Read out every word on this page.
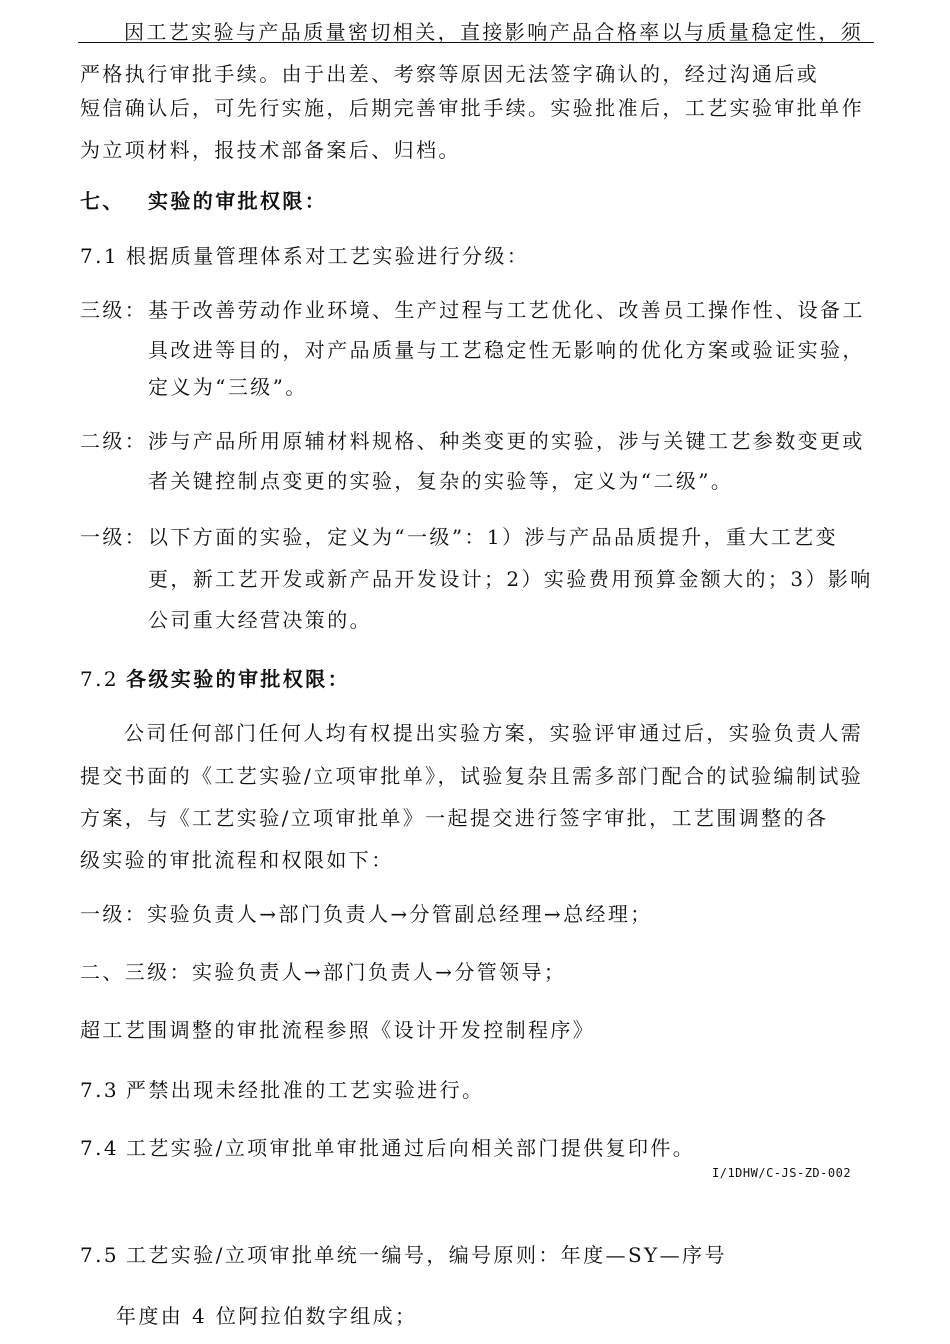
因工艺实验与产品质量密切相关，直接影响产品合格率以与质量稳定性，须
严格执行审批手续。由于出差、考察等原因无法签字确认的，经过沟通后或
短信确认后，可先行实施，后期完善审批手续。实验批准后，工艺实验审批单作
为立项材料，报技术部备案后、归档。
七、 实验的审批权限：
7.1 根据质量管理体系对工艺实验进行分级：
三级： 基于改善劳动作业环境、生产过程与工艺优化、改善员工操作性、设备工
具改进等目的，对产品质量与工艺稳定性无影响的优化方案或验证实验，
定义为“三级”。
二级： 涉与产品所用原辅材料规格、种类变更的实验，涉与关键工艺参数变更或
者关键控制点变更的实验，复杂的实验等，定义为“二级”。
一级： 以下方面的实验，定义为“一级”：1）涉与产品品质提升，重大工艺变
更，新工艺开发或新产品开发设计；2）实验费用预算金额大的；3）影响
公司重大经营决策的。
7.2 各级实验的审批权限：
公司任何部门任何人均有权提出实验方案，实验评审通过后，实验负责人需
提交书面的《工艺实验/立项审批单》，试验复杂且需多部门配合的试验编制试验
方案，与《工艺实验/立项审批单》一起提交进行签字审批，工艺围调整的各
级实验的审批流程和权限如下：
一级：实验负责人→部门负责人→分管副总经理→总经理；
二、三级：实验负责人→部门负责人→分管领导；
超工艺围调整的审批流程参照《设计开发控制程序》
7.3 严禁出现未经批准的工艺实验进行。
7.4 工艺实验/立项审批单审批通过后向相关部门提供复印件。
I/1DHW/C-JS-ZD-002
7.5 工艺实验/立项审批单统一编号，编号原则：年度—SY—序号
年度由 4 位阿拉伯数字组成；
